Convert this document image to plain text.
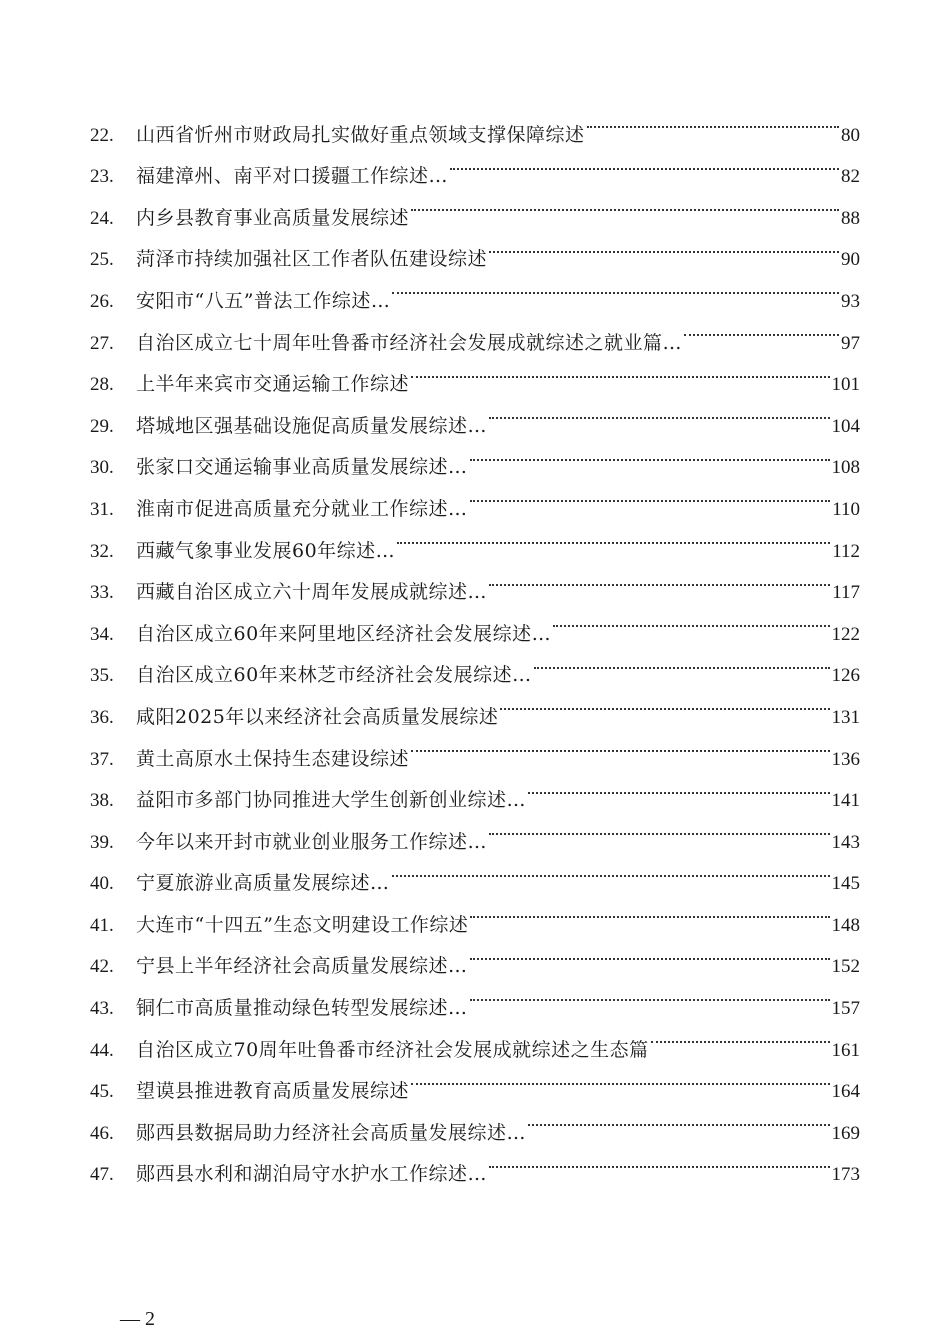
22.	山西省忻州市财政局扎实做好重点领域支撑保障综述	80
23.	福建漳州、南平对口援疆工作综述…	82
24.	内乡县教育事业高质量发展综述	88
25.	菏泽市持续加强社区工作者队伍建设综述	90
26.	安阳市“八五”普法工作综述…	93
27.	自治区成立七十周年吐鲁番市经济社会发展成就综述之就业篇…	97
28.	上半年来宾市交通运输工作综述	101
29.	塔城地区强基础设施促高质量发展综述…	104
30.	张家口交通运输事业高质量发展综述…	108
31.	淮南市促进高质量充分就业工作综述…	110
32.	西藏气象事业发展60年综述…	112
33.	西藏自治区成立六十周年发展成就综述…	117
34.	自治区成立60年来阿里地区经济社会发展综述…	122
35.	自治区成立60年来林芝市经济社会发展综述…	126
36.	咸阳2025年以来经济社会高质量发展综述	131
37.	黄土高原水土保持生态建设综述	136
38.	益阳市多部门协同推进大学生创新创业综述…	141
39.	今年以来开封市就业创业服务工作综述…	143
40.	宁夏旅游业高质量发展综述…	145
41.	大连市“十四五”生态文明建设工作综述	148
42.	宁县上半年经济社会高质量发展综述…	152
43.	铜仁市高质量推动绿色转型发展综述…	157
44.	自治区成立70周年吐鲁番市经济社会发展成就综述之生态篇	161
45.	望谟县推进教育高质量发展综述	164
46.	郧西县数据局助力经济社会高质量发展综述…	169
47.	郧西县水利和湖泊局守水护水工作综述…	173
— 2
